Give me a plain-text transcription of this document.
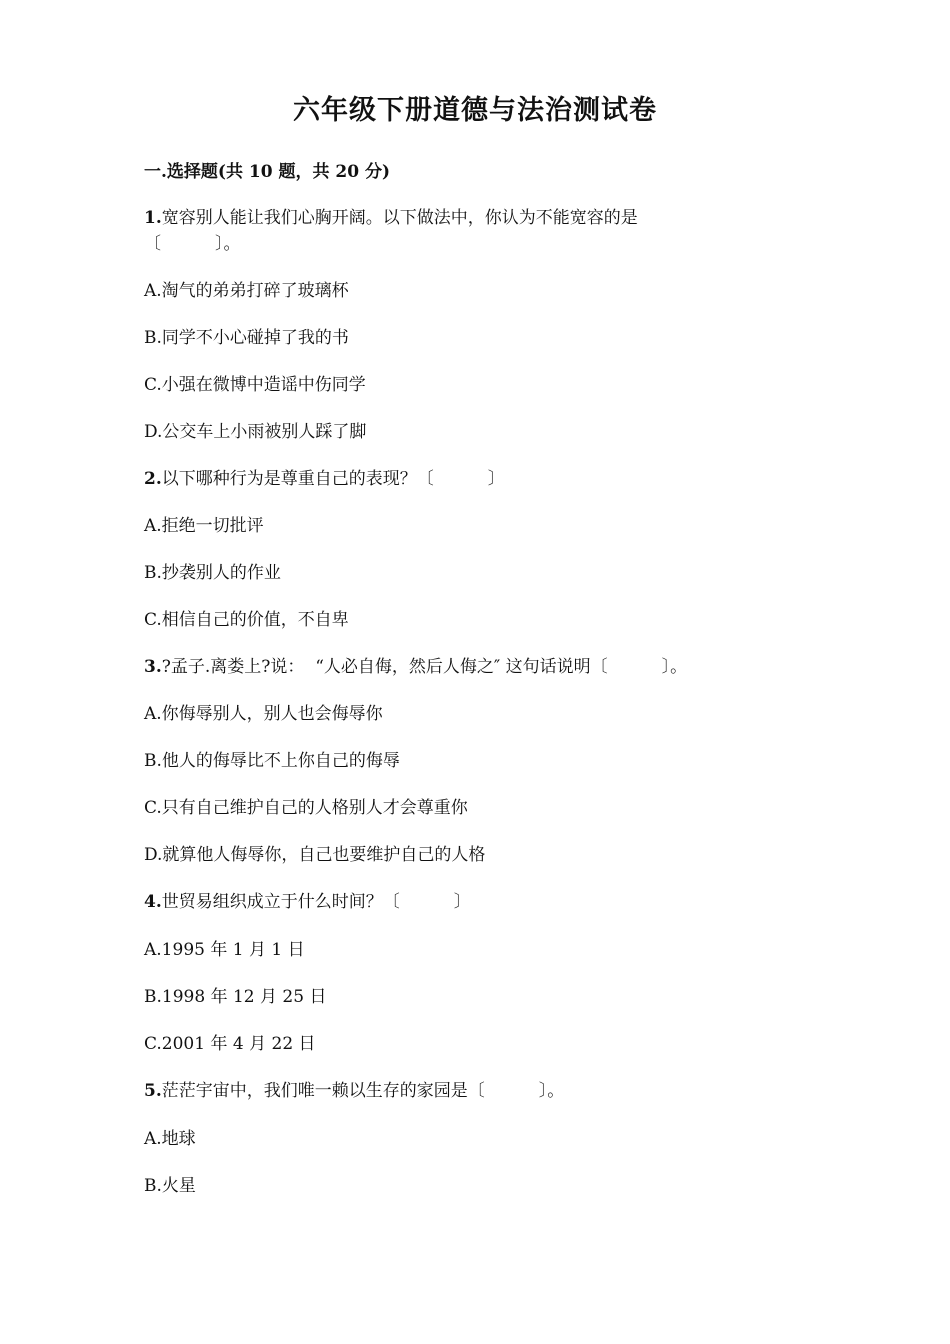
六年级下册道德与法治测试卷
一.选择题(共 10 题，共 20 分)
1.宽容别人能让我们心胸开阔。以下做法中，你认为不能宽容的是
〔          〕。
A.淘气的弟弟打碎了玻璃杯
B.同学不小心碰掉了我的书
C.小强在微博中造谣中伤同学
D.公交车上小雨被别人踩了脚
2.以下哪种行为是尊重自己的表现？〔          〕
A.拒绝一切批评
B.抄袭别人的作业
C.相信自己的价值，不自卑
3.?孟子.离娄上?说：  “人必自侮，然后人侮之″ 这句话说明〔          〕。
A.你侮辱别人，别人也会侮辱你
B.他人的侮辱比不上你自己的侮辱
C.只有自己维护自己的人格别人才会尊重你
D.就算他人侮辱你，自己也要维护自己的人格
4.世贸易组织成立于什么时间？〔          〕
A.1995 年 1 月 1 日
B.1998 年 12 月 25 日
C.2001 年 4 月 22 日
5.茫茫宇宙中，我们唯一赖以生存的家园是〔          〕。
A.地球
B.火星
